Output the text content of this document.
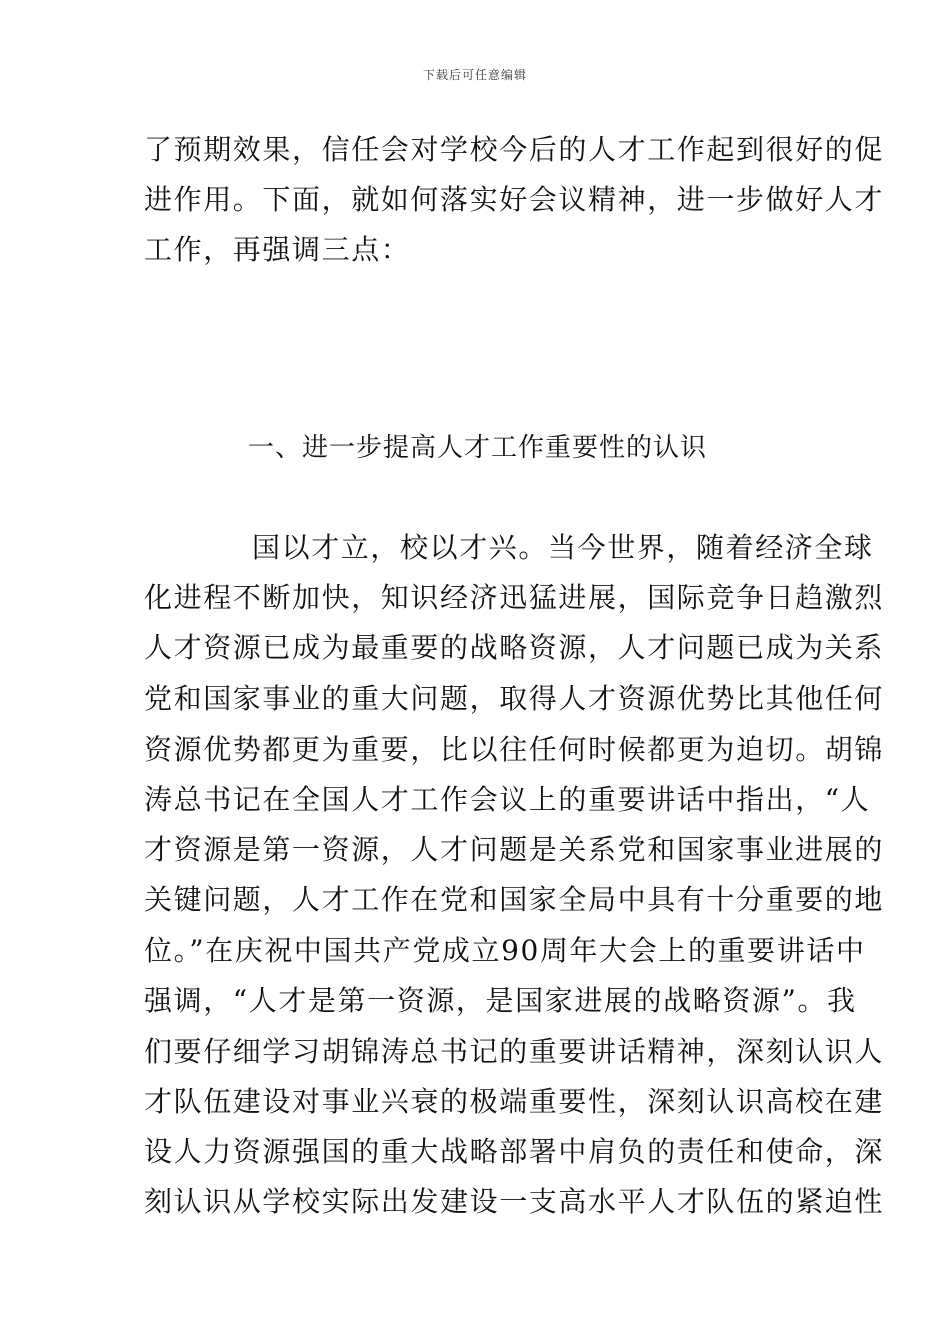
下载后可任意编辑
了预期效果，信任会对学校今后的人才工作起到很好的促
进作用。下面，就如何落实好会议精神，进一步做好人才
工作，再强调三点：
一、进一步提高人才工作重要性的认识
国以才立，校以才兴。当今世界，随着经济全球
化进程不断加快，知识经济迅猛进展，国际竞争日趋激烈
人才资源已成为最重要的战略资源，人才问题已成为关系
党和国家事业的重大问题，取得人才资源优势比其他任何
资源优势都更为重要，比以往任何时候都更为迫切。胡锦
涛总书记在全国人才工作会议上的重要讲话中指出，“人
才资源是第一资源，人才问题是关系党和国家事业进展的
关键问题，人才工作在党和国家全局中具有十分重要的地
位。”在庆祝中国共产党成立90周年大会上的重要讲话中
强调，“人才是第一资源，是国家进展的战略资源”。我
们要仔细学习胡锦涛总书记的重要讲话精神，深刻认识人
才队伍建设对事业兴衰的极端重要性，深刻认识高校在建
设人力资源强国的重大战略部署中肩负的责任和使命，深
刻认识从学校实际出发建设一支高水平人才队伍的紧迫性
